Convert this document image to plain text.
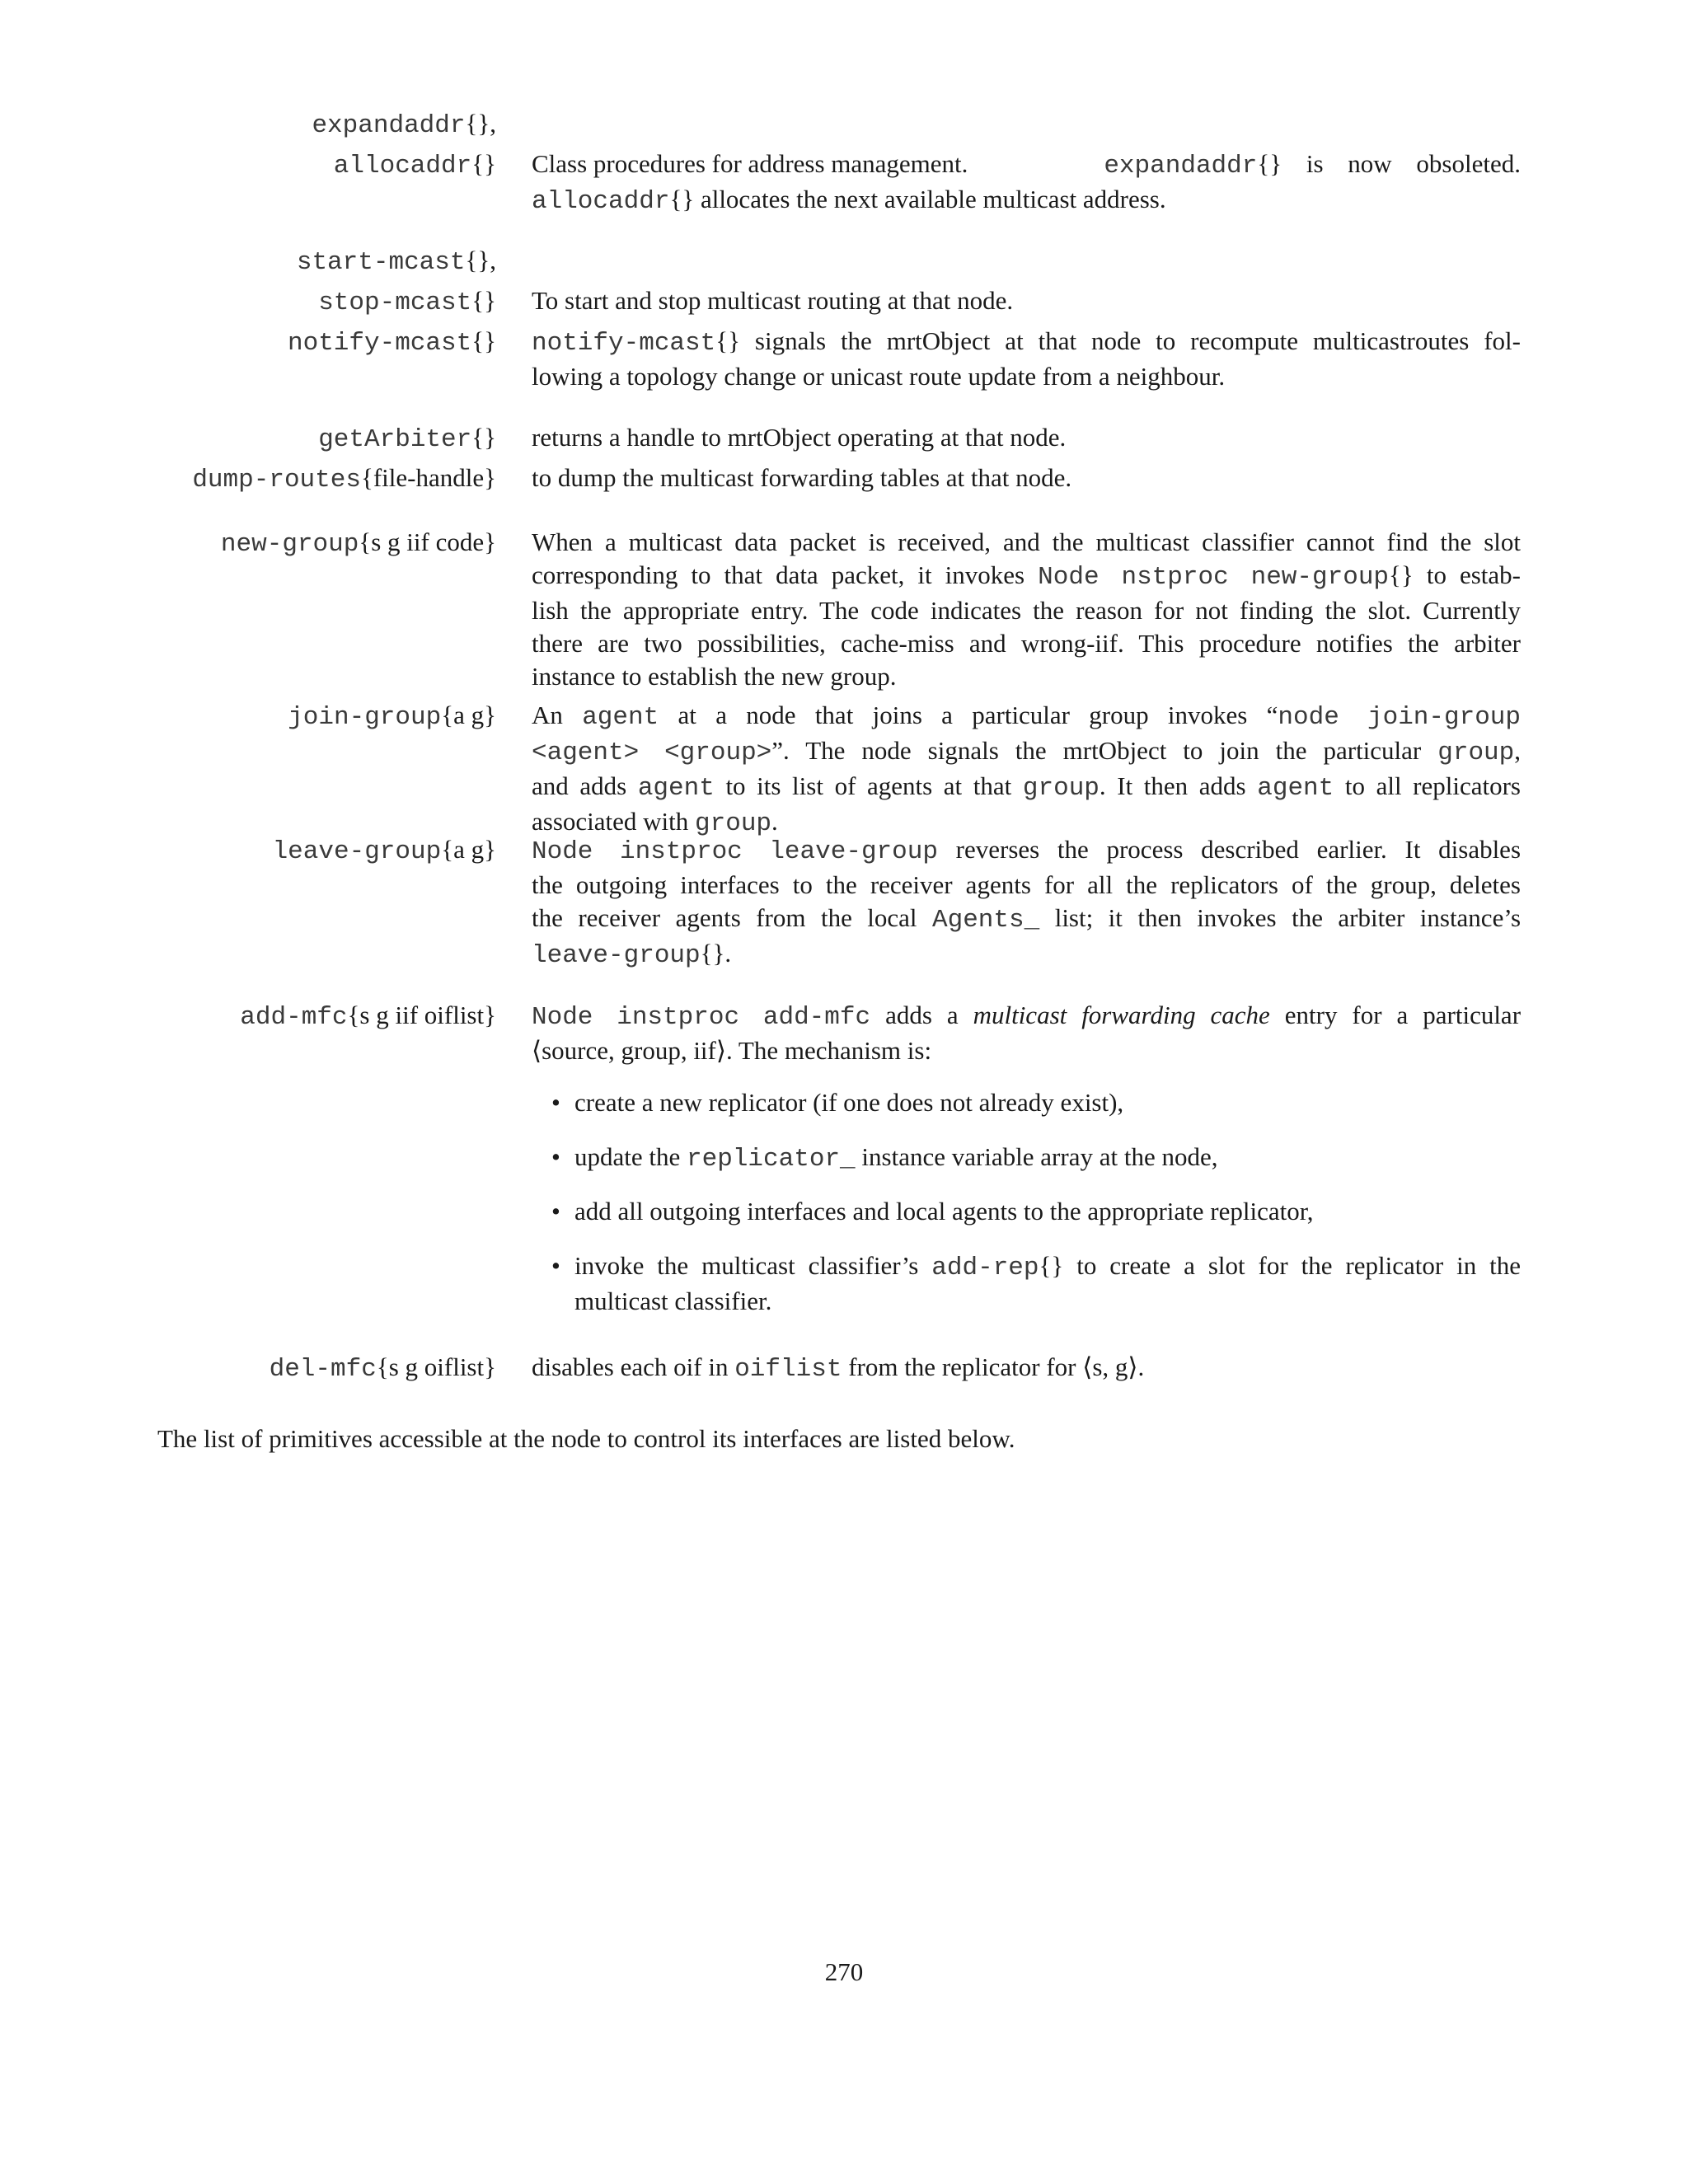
expandaddr{},
allocaddr{} Class procedures for address management.	expandaddr{} is now obsoleted.
allocaddr{} allocates the next available multicast address.
start-mcast{},
stop-mcast{} To start and stop multicast routing at that node.
notify-mcast{} notify-mcast{} signals the mrtObject at that node to recompute multicastroutes fol-
lowing a topology change or unicast route update from a neighbour.
getArbiter{} returns a handle to mrtObject operating at that node.
dump-routes{file-handle} to dump the multicast forwarding tables at that node.
new-group{s g iif code} When a multicast data packet is received, and the multicast classifier cannot find the slot
corresponding to that data packet, it invokes Node nstproc new-group{} to estab-
lish the appropriate entry. The code indicates the reason for not finding the slot. Currently
there are two possibilities, cache-miss and wrong-iif. This procedure notifies the arbiter
instance to establish the new group.
join-group{a g} An agent at a node that joins a particular group invokes “node join-group
<agent> <group>”. The node signals the mrtObject to join the particular group,
and adds agent to its list of agents at that group. It then adds agent to all replicators
associated with group.
leave-group{a g} Node instproc leave-group reverses the process described earlier. It disables
the outgoing interfaces to the receiver agents for all the replicators of the group, deletes
the receiver agents from the local Agents_ list; it then invokes the arbiter instance’s
leave-group{}.
add-mfc{s g iif oiflist} Node instproc add-mfc adds a multicast forwarding cache entry for a particular
⟨source, group, iif⟩. The mechanism is:
• create a new replicator (if one does not already exist),
• update the replicator_ instance variable array at the node,
• add all outgoing interfaces and local agents to the appropriate replicator,
• invoke the multicast classifier’s add-rep{} to create a slot for the replicator in the
multicast classifier.
del-mfc{s g oiflist} disables each oif in oiflist from the replicator for ⟨s, g⟩.
The list of primitives accessible at the node to control its interfaces are listed below.
270
